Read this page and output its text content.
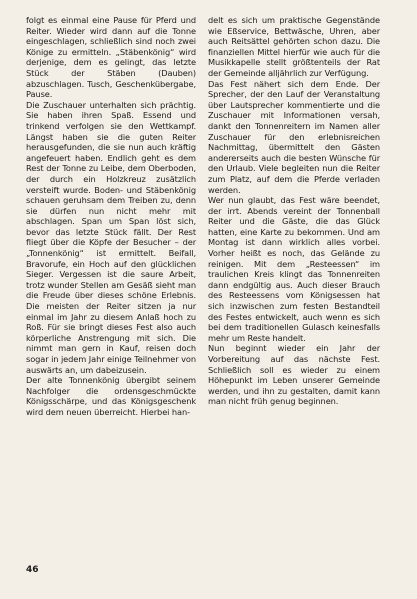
folgt es einmal eine Pause für Pferd und Reiter. Wieder wird dann auf die Tonne eingeschlagen, schließlich sind noch zwei Könige zu ermitteln. „Stäbenkönig“ wird derjenige, dem es gelingt, das letzte Stück der Stäben (Dauben) abzuschlagen. Tusch, Geschenkübergabe, Pause.

Die Zuschauer unterhalten sich prächtig. Sie haben ihren Spaß. Essend und trinkend verfolgen sie den Wettkampf. Längst haben sie die guten Reiter herausgefunden, die sie nun auch kräftig angefeuert haben. Endlich geht es dem Rest der Tonne zu Leibe, dem Oberboden, der durch ein Holzkreuz zusätzlich versteift wurde. Boden- und Stäbenkönig schauen geruhsam dem Treiben zu, denn sie dürfen nun nicht mehr mit abschlagen. Span um Span löst sich, bevor das letzte Stück fällt. Der Rest fliegt über die Köpfe der Besucher – der „Tonnenkönig“ ist ermittelt. Beifall, Bravorufe, ein Hoch auf den glücklichen Sieger. Vergessen ist die saure Arbeit, trotz wunder Stellen am Gesäß sieht man die Freude über dieses schöne Erlebnis. Die meisten der Reiter sitzen ja nur einmal im Jahr zu diesem Anlaß hoch zu Roß. Für sie bringt dieses Fest also auch körperliche Anstrengung mit sich. Die nimmt man gern in Kauf, reisen doch sogar in jedem Jahr einige Teilnehmer von auswärts an, um dabeizusein.

Der alte Tonnenkönig übergibt seinem Nachfolger die ordensgeschmückte Königsschärpe, und das Königsgeschenk wird dem neuen überreicht. Hierbei han-

delt es sich um praktische Gegenstände wie Eßservice, Bettwäsche, Uhren, aber auch Reitsättel gehörten schon dazu. Die finanziellen Mittel hierfür wie auch für die Musikkapelle stellt größtenteils der Rat der Gemeinde alljährlich zur Verfügung.

Das Fest nähert sich dem Ende. Der Sprecher, der den Lauf der Veranstaltung über Lautsprecher kommentierte und die Zuschauer mit Informationen versah, dankt den Tonnenreitern im Namen aller Zuschauer für den erlebnisreichen Nachmittag, übermittelt den Gästen andererseits auch die besten Wünsche für den Urlaub. Viele begleiten nun die Reiter zum Platz, auf dem die Pferde verladen werden.

Wer nun glaubt, das Fest wäre beendet, der irrt. Abends vereint der Tonnenball Reiter und die Gäste, die das Glück hatten, eine Karte zu bekommen. Und am Montag ist dann wirklich alles vorbei. Vorher heißt es noch, das Gelände zu reinigen. Mit dem „Resteessen“ im traulichen Kreis klingt das Tonnenreiten dann endgültig aus. Auch dieser Brauch des Resteessens vom Königsessen hat sich inzwischen zum festen Bestandteil des Festes entwickelt, auch wenn es sich bei dem traditionellen Gulasch keinesfalls mehr um Reste handelt.

Nun beginnt wieder ein Jahr der Vorbereitung auf das nächste Fest. Schließlich soll es wieder zu einem Höhepunkt im Leben unserer Gemeinde werden, und ihn zu gestalten, damit kann man nicht früh genug beginnen.

46
